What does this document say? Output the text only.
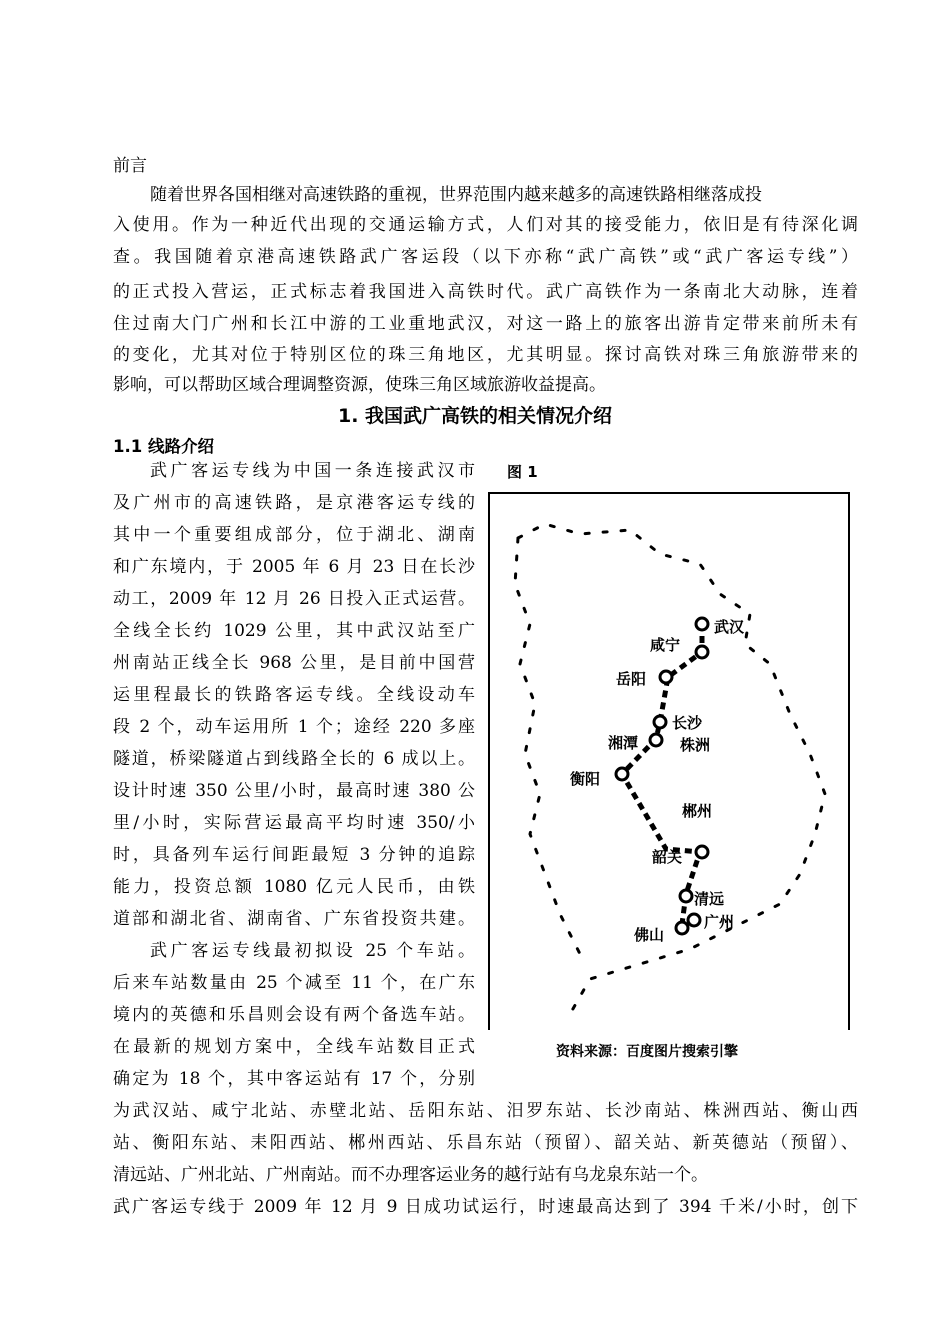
前言
随着世界各国相继对高速铁路的重视，世界范围内越来越多的高速铁路相继落成投
入使用。作为一种近代出现的交通运输方式，人们对其的接受能力，依旧是有待深化调
查。我国随着京港高速铁路武广客运段（以下亦称“武广高铁”或“武广客运专线”）
的正式投入营运，正式标志着我国进入高铁时代。武广高铁作为一条南北大动脉，连着
住过南大门广州和长江中游的工业重地武汉，对这一路上的旅客出游肯定带来前所未有
的变化，尤其对位于特别区位的珠三角地区，尤其明显。探讨高铁对珠三角旅游带来的
影响，可以帮助区域合理调整资源，使珠三角区域旅游收益提高。
1. 我国武广高铁的相关情况介绍
1.1 线路介绍
武广客运专线为中国一条连接武汉市
及广州市的高速铁路，是京港客运专线的
其中一个重要组成部分，位于湖北、湖南
和广东境内，于 2005 年 6 月 23 日在长沙
动工，2009 年 12 月 26 日投入正式运营。
全线全长约 1029 公里，其中武汉站至广
州南站正线全长 968 公里，是目前中国营
运里程最长的铁路客运专线。全线设动车
段 2 个，动车运用所 1 个；途经 220 多座
隧道，桥梁隧道占到线路全长的 6 成以上。
设计时速 350 公里/小时，最高时速 380 公
里/小时，实际营运最高平均时速 350/小
时，具备列车运行间距最短 3 分钟的追踪
能力，投资总额 1080 亿元人民币，由铁
道部和湖北省、湖南省、广东省投资共建。
武广客运专线最初拟设 25 个车站。
后来车站数量由 25 个减至 11 个，在广东
境内的英德和乐昌则会设有两个备选车站。
在最新的规划方案中，全线车站数目正式
确定为 18 个，其中客运站有 17 个，分别
为武汉站、咸宁北站、赤壁北站、岳阳东站、汨罗东站、长沙南站、株洲西站、衡山西
站、衡阳东站、耒阳西站、郴州西站、乐昌东站（预留）、韶关站、新英德站（预留）、
清远站、广州北站、广州南站。而不办理客运业务的越行站有乌龙泉东站一个。
武广客运专线于 2009 年 12 月 9 日成功试运行，时速最高达到了 394 千米/小时，创下
图 1
武汉
咸宁
岳阳
长沙
湘潭	株洲
衡阳
郴州
韶关
清远
广州
佛山
资料来源：百度图片搜索引擎
